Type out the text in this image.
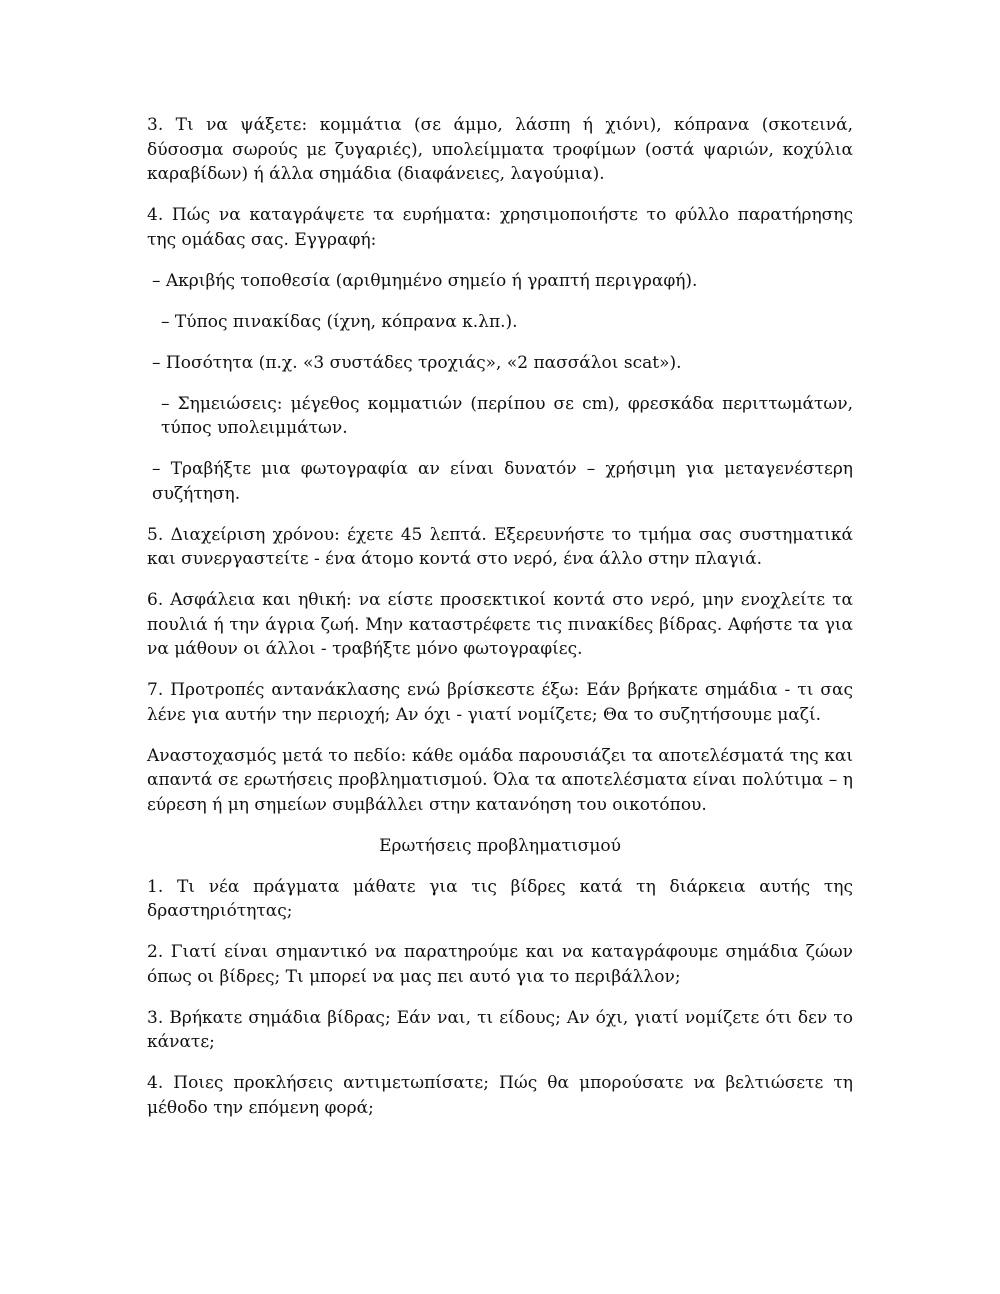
3. Τι να ψάξετε: κομμάτια (σε άμμο, λάσπη ή χιόνι), κόπρανα (σκοτεινά, δύσοσμα σωρούς με ζυγαριές), υπολείμματα τροφίμων (οστά ψαριών, κοχύλια καραβίδων) ή άλλα σημάδια (διαφάνειες, λαγούμια).

4. Πώς να καταγράψετε τα ευρήματα: χρησιμοποιήστε το φύλλο παρατήρησης της ομάδας σας. Εγγραφή:

– Ακριβής τοποθεσία (αριθμημένο σημείο ή γραπτή περιγραφή).

– Τύπος πινακίδας (ίχνη, κόπρανα κ.λπ.).

– Ποσότητα (π.χ. «3 συστάδες τροχιάς», «2 πασσάλοι scat»).

– Σημειώσεις: μέγεθος κομματιών (περίπου σε cm), φρεσκάδα περιττωμάτων, τύπος υπολειμμάτων.

– Τραβήξτε μια φωτογραφία αν είναι δυνατόν – χρήσιμη για μεταγενέστερη συζήτηση.

5. Διαχείριση χρόνου: έχετε 45 λεπτά. Εξερευνήστε το τμήμα σας συστηματικά και συνεργαστείτε - ένα άτομο κοντά στο νερό, ένα άλλο στην πλαγιά.

6. Ασφάλεια και ηθική: να είστε προσεκτικοί κοντά στο νερό, μην ενοχλείτε τα πουλιά ή την άγρια ζωή. Μην καταστρέφετε τις πινακίδες βίδρας. Αφήστε τα για να μάθουν οι άλλοι - τραβήξτε μόνο φωτογραφίες.

7. Προτροπές αντανάκλασης ενώ βρίσκεστε έξω: Εάν βρήκατε σημάδια - τι σας λένε για αυτήν την περιοχή; Αν όχι - γιατί νομίζετε; Θα το συζητήσουμε μαζί.

Αναστοχασμός μετά το πεδίο: κάθε ομάδα παρουσιάζει τα αποτελέσματά της και απαντά σε ερωτήσεις προβληματισμού. Όλα τα αποτελέσματα είναι πολύτιμα – η εύρεση ή μη σημείων συμβάλλει στην κατανόηση του οικοτόπου.

Ερωτήσεις προβληματισμού

1. Τι νέα πράγματα μάθατε για τις βίδρες κατά τη διάρκεια αυτής της δραστηριότητας;

2. Γιατί είναι σημαντικό να παρατηρούμε και να καταγράφουμε σημάδια ζώων όπως οι βίδρες; Τι μπορεί να μας πει αυτό για το περιβάλλον;

3. Βρήκατε σημάδια βίδρας; Εάν ναι, τι είδους; Αν όχι, γιατί νομίζετε ότι δεν το κάνατε;

4. Ποιες προκλήσεις αντιμετωπίσατε; Πώς θα μπορούσατε να βελτιώσετε τη μέθοδο την επόμενη φορά;
